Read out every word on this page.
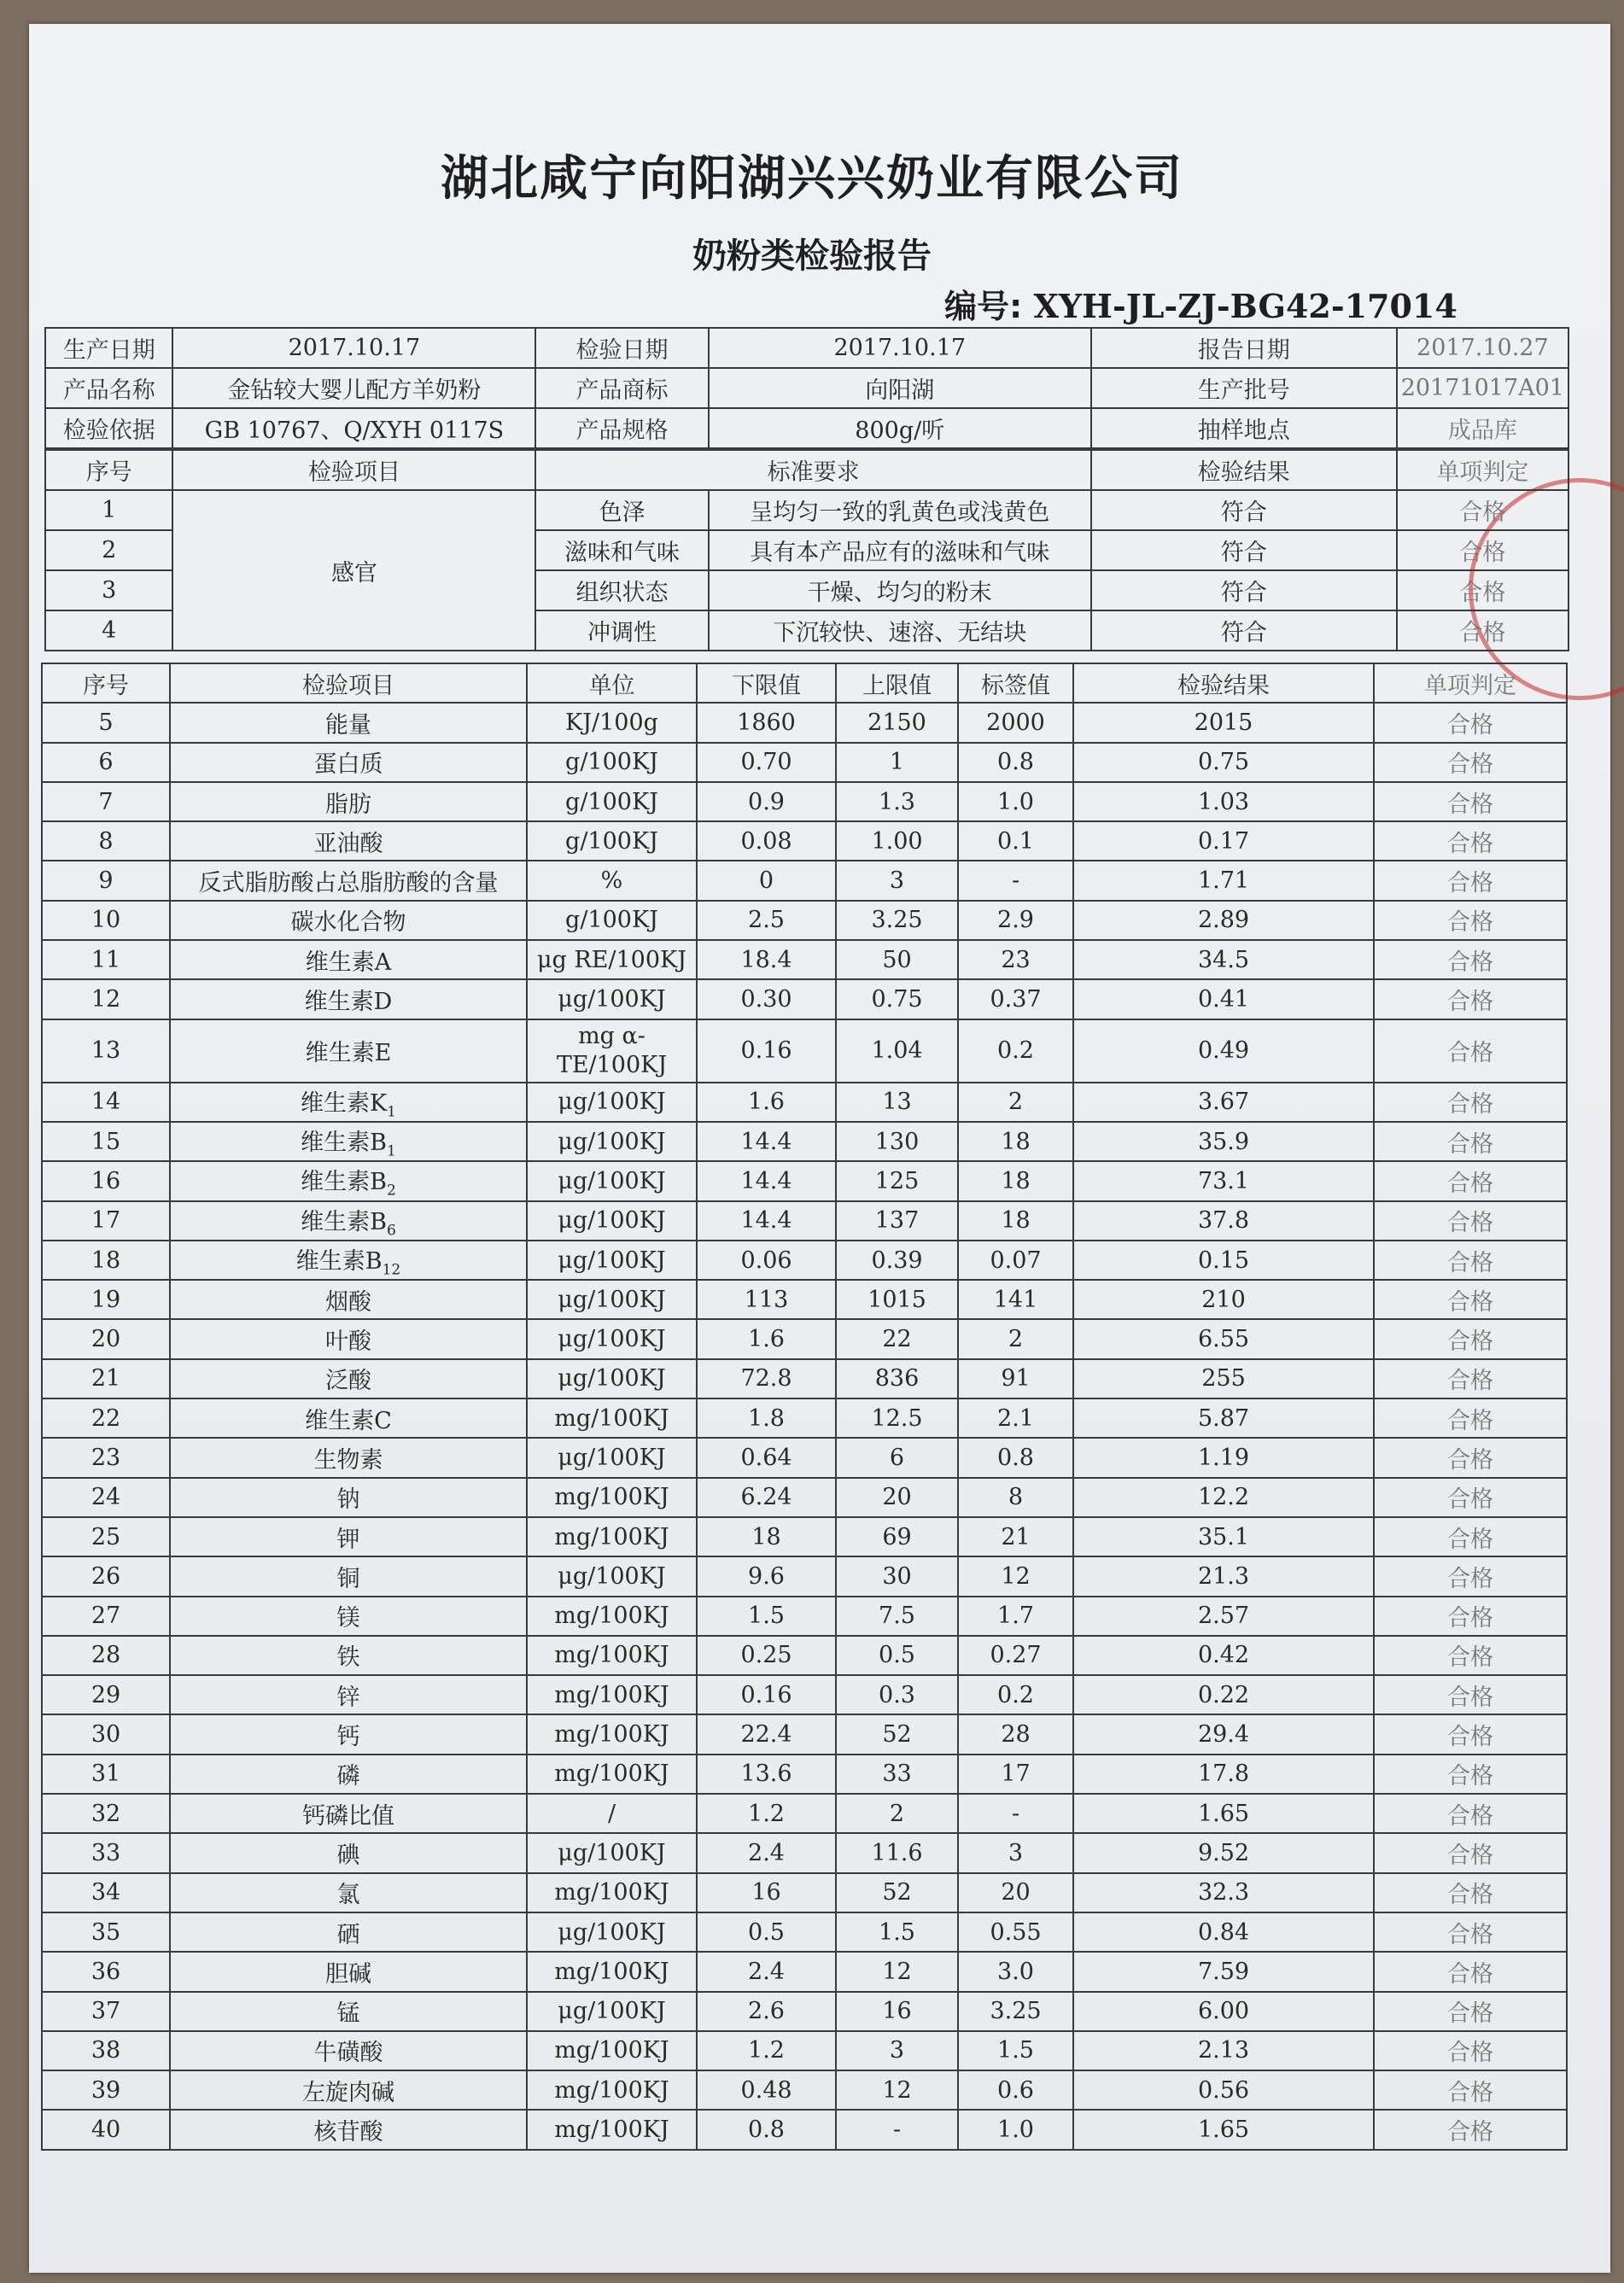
湖北咸宁向阳湖兴兴奶业有限公司
奶粉类检验报告
编号: XYH-JL-ZJ-BG42-17014
生产日期	2017.10.17	检验日期	2017.10.17	报告日期	2017.10.27
产品名称	金钻较大婴儿配方羊奶粉	产品商标	向阳湖	生产批号	20171017A01
检验依据	GB 10767、Q/XYH 0117S	产品规格	800g/听	抽样地点	成品库
序号	检验项目	标准要求		检验结果	单项判定
1	感官	色泽	呈均匀一致的乳黄色或浅黄色	符合	合格
2		滋味和气味	具有本产品应有的滋味和气味	符合	合格
3		组织状态	干燥、均匀的粉末	符合	合格
4		冲调性	下沉较快、速溶、无结块	符合	合格
序号	检验项目	单位	下限值	上限值	标签值	检验结果	单项判定
5	能量	KJ/100g	1860	2150	2000	2015	合格
6	蛋白质	g/100KJ	0.70	1	0.8	0.75	合格
7	脂肪	g/100KJ	0.9	1.3	1.0	1.03	合格
8	亚油酸	g/100KJ	0.08	1.00	0.1	0.17	合格
9	反式脂肪酸占总脂肪酸的含量	%	0	3	-	1.71	合格
10	碳水化合物	g/100KJ	2.5	3.25	2.9	2.89	合格
11	维生素A	μg RE/100KJ	18.4	50	23	34.5	合格
12	维生素D	μg/100KJ	0.30	0.75	0.37	0.41	合格
13	维生素E	mg α-TE/100KJ	0.16	1.04	0.2	0.49	合格
14	维生素$K_1$	μg/100KJ	1.6	13	2	3.67	合格
15	维生素$B_1$	μg/100KJ	14.4	130	18	35.9	合格
16	维生素$B_2$	μg/100KJ	14.4	125	18	73.1	合格
17	维生素$B_6$	μg/100KJ	14.4	137	18	37.8	合格
18	维生素$B_{12}$	μg/100KJ	0.06	0.39	0.07	0.15	合格
19	烟酸	μg/100KJ	113	1015	141	210	合格
20	叶酸	μg/100KJ	1.6	22	2	6.55	合格
21	泛酸	μg/100KJ	72.8	836	91	255	合格
22	维生素C	mg/100KJ	1.8	12.5	2.1	5.87	合格
23	生物素	μg/100KJ	0.64	6	0.8	1.19	合格
24	钠	mg/100KJ	6.24	20	8	12.2	合格
25	钾	mg/100KJ	18	69	21	35.1	合格
26	铜	μg/100KJ	9.6	30	12	21.3	合格
27	镁	mg/100KJ	1.5	7.5	1.7	2.57	合格
28	铁	mg/100KJ	0.25	0.5	0.27	0.42	合格
29	锌	mg/100KJ	0.16	0.3	0.2	0.22	合格
30	钙	mg/100KJ	22.4	52	28	29.4	合格
31	磷	mg/100KJ	13.6	33	17	17.8	合格
32	钙磷比值	/	1.2	2	-	1.65	合格
33	碘	μg/100KJ	2.4	11.6	3	9.52	合格
34	氯	mg/100KJ	16	52	20	32.3	合格
35	硒	μg/100KJ	0.5	1.5	0.55	0.84	合格
36	胆碱	mg/100KJ	2.4	12	3.0	7.59	合格
37	锰	μg/100KJ	2.6	16	3.25	6.00	合格
38	牛磺酸	mg/100KJ	1.2	3	1.5	2.13	合格
39	左旋肉碱	mg/100KJ	0.48	12	0.6	0.56	合格
40	核苷酸	mg/100KJ	0.8	-	1.0	1.65	合格
